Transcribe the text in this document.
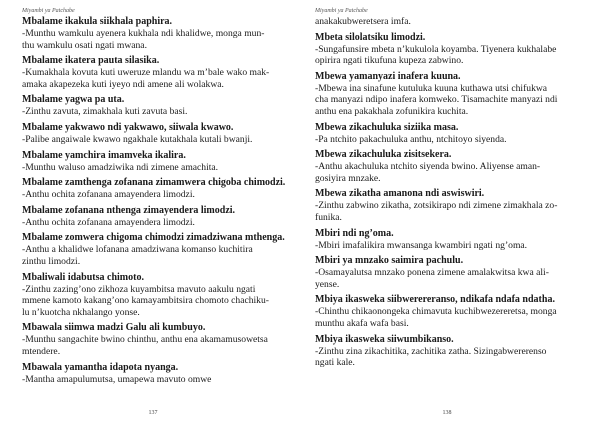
Miyambi ya Patchabe

Mbalame ikakula siikhala paphira.

-Munthu wamkulu ayenera kukhala ndi khalidwe, monga mun-

thu wamkulu osati ngati mwana.

Mbalame ikatera pauta silasika.

-Kumakhala kovuta kuti uweruze mlandu wa m’bale wako mak-

amaka akapezeka kuti iyeyo ndi amene ali wolakwa.

Mbalame yagwa pa uta.

-Zinthu zavuta, zimakhala kuti zavuta basi.

Mbalame yakwawo ndi yakwawo, siiwala kwawo.

-Palibe angaiwale kwawo ngakhale kutakhala kutali bwanji.

Mbalame yamchira imamveka ikalira.

-Munthu waluso amadziwika ndi zimene amachita.

Mbalame zamthenga zofanana zimamwera chigoba chimodzi.

-Anthu ochita zofanana amayendera limodzi.

Mbalame zofanana nthenga zimayendera limodzi.

-Anthu ochita zofanana amayendera limodzi.

Mbalame zomwera chigoma chimodzi zimadziwana mthenga.

-Anthu a khalidwe lofanana amadziwana komanso kuchitira

zinthu limodzi.

Mbaliwali idabutsa chimoto.

-Zinthu zazing’ono zikhoza kuyambitsa mavuto aakulu ngati

mmene kamoto kakang’ono kamayambitsira chomoto chachiku-

lu n’kuotcha nkhalango yonse.

Mbawala siimwa madzi Galu ali kumbuyo.

-Munthu sangachite bwino chinthu, anthu ena akamamusowetsa

mtendere.

Mbawala yamantha idapota nyanga.

-Mantha amapulumutsa, umapewa mavuto omwe

137
Miyambi ya Patchabe

anakakubweretsera imfa.

Mbeta silolatsiku limodzi.

-Sungafunsire mbeta n’kukulola koyamba. Tiyenera kukhalabe

opirira ngati tikufuna kupeza zabwino.

Mbewa yamanyazi inafera kuuna.

-Mbewa ina sinafune kutuluka kuuna kuthawa utsi chifukwa

cha manyazi ndipo inafera komweko. Tisamachite manyazi ndi

anthu ena pakakhala zofunikira kuchita.

Mbewa zikachuluka siziika masa.

-Pa ntchito pakachuluka anthu, ntchitoyo siyenda.

Mbewa zikachuluka zisitsekera.

-Anthu akachuluka ntchito siyenda bwino. Aliyense aman-

gosiyira mnzake.

Mbewa zikatha amanona ndi aswiswiri.

-Zinthu zabwino zikatha, zotsikirapo ndi zimene zimakhala zo-

funika.

Mbiri ndi ng’oma.

-Mbiri imafalikira mwansanga kwambiri ngati ng’oma.

Mbiri ya mnzako saimira pachulu.

-Osamayalutsa mnzako ponena zimene amalakwitsa kwa ali-

yense.

Mbiya ikasweka siibwerereranso, ndikafa ndafa ndatha.

-Chinthu chikaonongeka chimavuta kuchibwezereretsa, monga

munthu akafa wafa basi.

Mbiya ikasweka siiwumbikanso.

-Zinthu zina zikachitika, zachitika zatha. Sizingabwererenso

ngati kale.

138
